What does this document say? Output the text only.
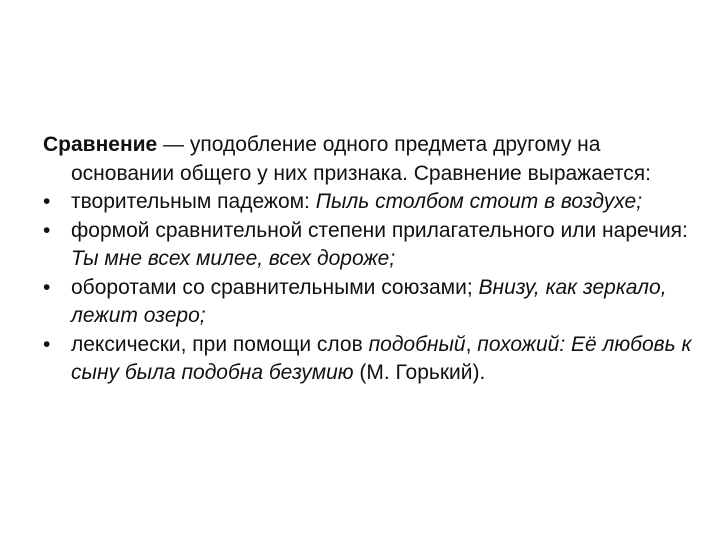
Сравнение — уподобление одного предмета другому на основании общего у них признака. Сравнение выражается:

• творительным падежом: Пыль столбом стоит в воздухе;
• формой сравнительной степени прилагательного или наречия: Ты мне всех милее, всех дороже;
• оборотами со сравнительными союзами; Внизу, как зеркало, лежит озеро;
• лексически, при помощи слов подобный, похожий: Её любовь к сыну была подобна безумию (М. Горький).
